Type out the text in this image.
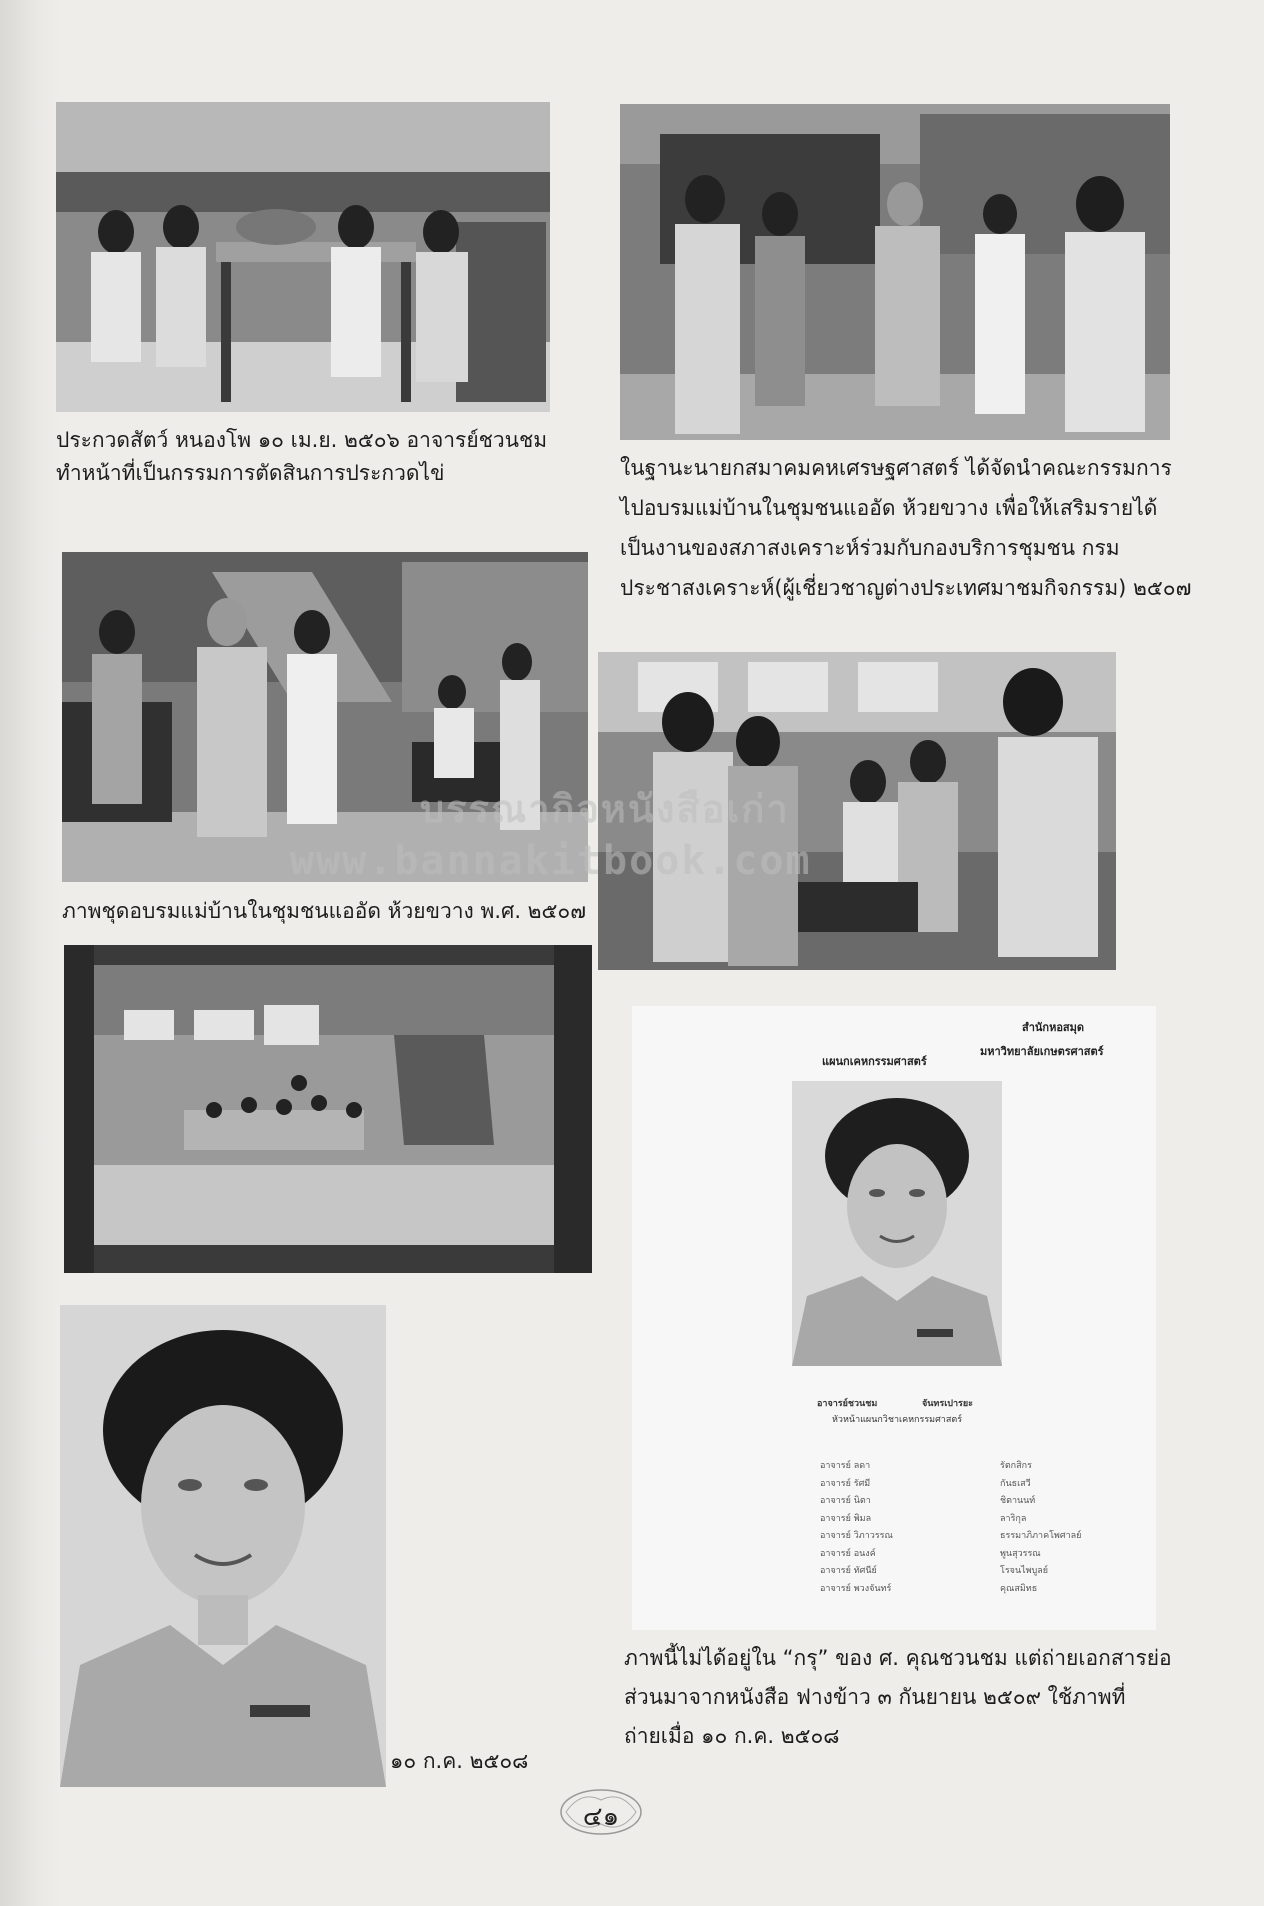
ประกวดสัตว์ หนองโพ ๑๐ เม.ย. ๒๕๐๖ อาจารย์ชวนชม
ทำหน้าที่เป็นกรรมการตัดสินการประกวดไข่	ในฐานะนายกสมาคมคหเศรษฐศาสตร์ ได้จัดนำคณะกรรมการ
ไปอบรมแม่บ้านในชุมชนแออัด ห้วยขวาง เพื่อให้เสริมรายได้
เป็นงานของสภาสงเคราะห์ร่วมกับกองบริการชุมชน กรม
ประชาสงเคราะห์(ผู้เชี่ยวชาญต่างประเทศมาชมกิจกรรม) ๒๕๐๗
ภาพชุดอบรมแม่บ้านในชุมชนแออัด ห้วยขวาง พ.ศ. ๒๕๐๗
๑๐ ก.ค. ๒๕๐๘
สำนักหอสมุด
มหาวิทยาลัยเกษตรศาสตร์
แผนกเคหกรรมศาสตร์
อาจารย์ชวนชม	จันทรเปารยะ
หัวหน้าแผนกวิชาเคหกรรมศาสตร์
อาจารย์ ลดา	รัตกสิกร
อาจารย์ รัศมี	กันธเสวี
อาจารย์ นิตา	ชิตานนท์
อาจารย์ พิมล	ลาริกุล
อาจารย์ วิภาวรรณ	ธรรมาภิภาคโพศาลย์
อาจารย์ อนงค์	พูนสุวรรณ
อาจารย์ ทัศนีย์	โรจนไพบูลย์
อาจารย์ พวงจันทร์	คุณสมิทธ
ภาพนี้ไม่ได้อยู่ใน “กรุ” ของ ศ. คุณชวนชม แต่ถ่ายเอกสารย่อ
ส่วนมาจากหนังสือ ฟางข้าว ๓ กันยายน ๒๕๐๙ ใช้ภาพที่
ถ่ายเมื่อ ๑๐ ก.ค. ๒๕๐๘
บรรณากิจหนังสือเก่า
www.bannakitbook.com
๔๑
